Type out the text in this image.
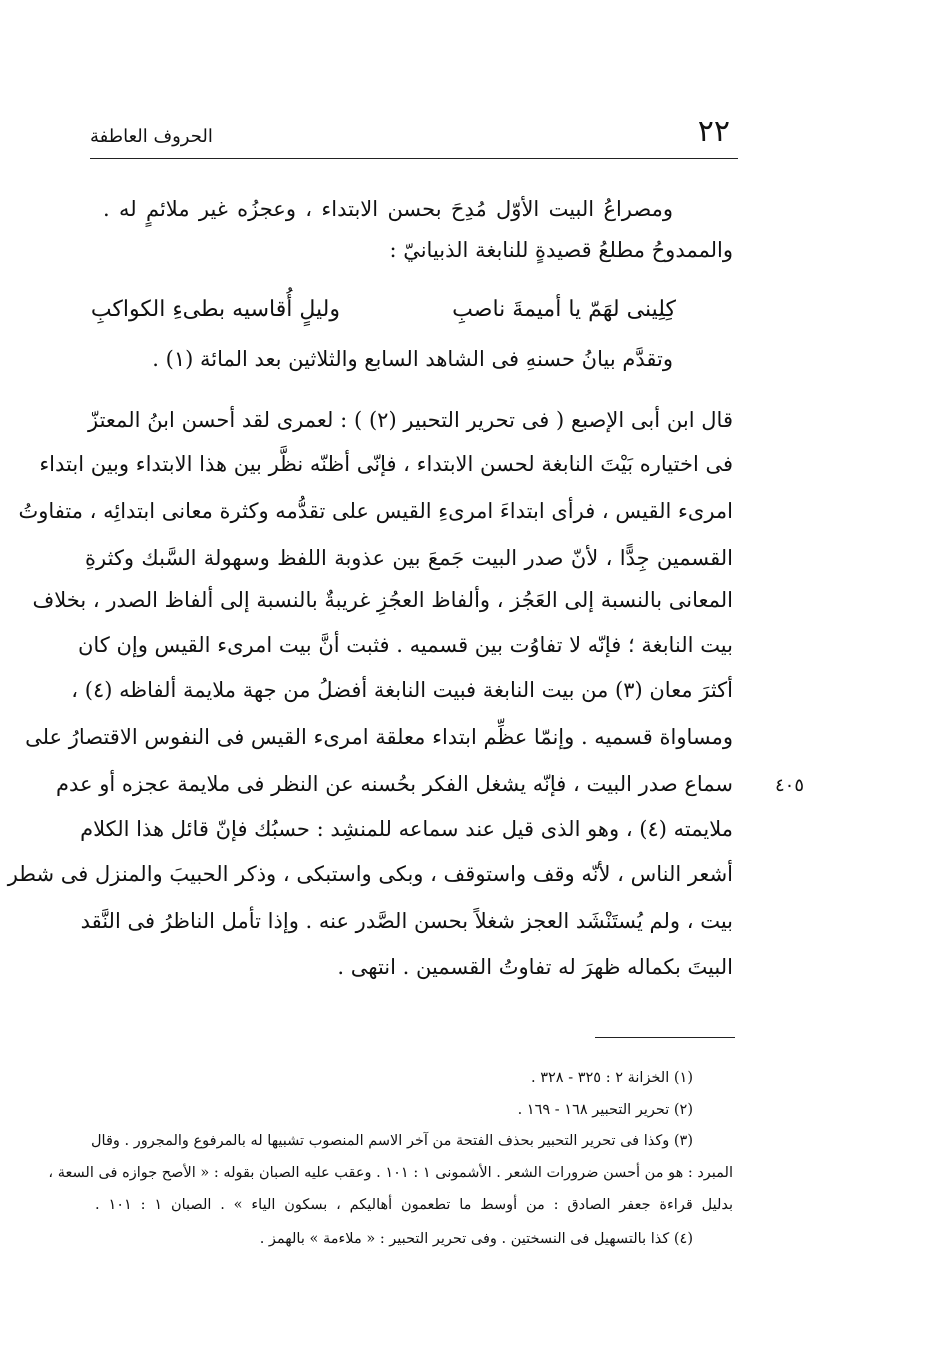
٢٢
الحروف العاطفة
ومصراعُ البيت الأوّل مُدِحَ بحسن الابتداء ، وعجزُه غير ملائمٍ له .
والممدوحُ مطلعُ قصيدةٍ للنابغة الذبيانيّ :
كِلِينى لهَمّ يا أميمةَ ناصبِ
وليلٍ أُقاسيه بطىءِ الكواكبِ
وتقدَّم بيانُ حسنهِ فى الشاهد السابع والثلاثين بعد المائة (١) .
قال ابن أبى الإصبع ( فى تحرير التحبير (٢) ) : لعمرى لقد أحسن ابنُ المعتزّ
فى اختياره بَيْتَ النابغة لحسن الابتداء ، فإنّى أظنّه نظَّر بين هذا الابتداء وبين ابتداء
امرىء القيس ، فرأى ابتداءَ امرىءِ القيس على تقدُّمه وكثرة معانى ابتدائِه ، متفاوتُ
القسمين جِدًّا ، لأنّ صدر البيت جَمعَ بين عذوبة اللفظ وسهولة السَّبك وكثرةِ
المعانى بالنسبة إلى العَجُز ، وألفاظ العجُزِ غريبةٌ بالنسبة إلى ألفاظ الصدر ، بخلاف
بيت النابغة ؛ فإنّه لا تفاوُت بين قسميه . فثبت أنَّ بيت امرىء القيس وإن كان
أكثرَ معان (٣) من بيت النابغة فبيت النابغة أفضلُ من جهة ملايمة ألفاظه (٤) ،
ومساواة قسميه . وإنمّا عظِّم ابتداء معلقة امرىء القيس فى النفوس الاقتصارُ على
سماع صدر البيت ، فإنّه يشغل الفكر بحُسنه عن النظر فى ملايمة عجزه أو عدم
ملايمته (٤) ، وهو الذى قيل عند سماعه للمنشِد : حسبُك فإنّ قائل هذا الكلام
أشعر الناس ، لأنّه وقف واستوقف ، وبكى واستبكى ، وذكر الحبيبَ والمنزل فى شطر
بيت ، ولم يُستَنْشَد العجز شغلاً بحسن الصَّدر عنه . وإذا تأمل الناظرُ فى النَّقد
البيتَ بكماله ظهرَ له تفاوتُ القسمين . انتهى .
٤٠٥
(١) الخزانة ٢ : ٣٢٥ - ٣٢٨ .
(٢) تحرير التحبير ١٦٨ - ١٦٩ .
(٣) وكذا فى تحرير التحبير بحذف الفتحة من آخر الاسم المنصوب تشبيها له بالمرفوع والمجرور . وقال
المبرد : هو من أحسن ضرورات الشعر . الأشمونى ١ : ١٠١ . وعقب عليه الصبان بقوله : « الأصح جوازه فى السعة ،
بدليل قراءة جعفر الصادق : من أوسط ما تطعمون أهاليكم ، بسكون الياء » . الصبان ١ : ١٠١ .
(٤) كذا بالتسهيل فى النسختين . وفى تحرير التحبير : « ملاءمة » بالهمز .
